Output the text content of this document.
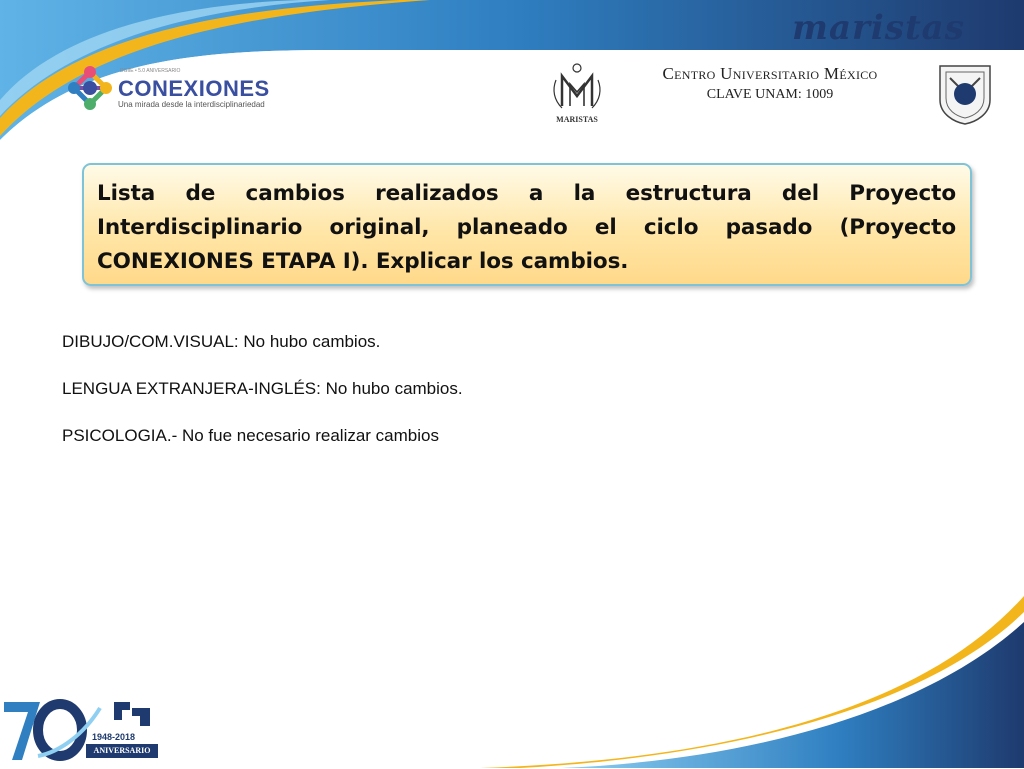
maristas
DGIIE • 5.0 ANIVERSARIO
CONEXIONES
Una mirada desde la interdisciplinariedad
MARISTAS
Centro Universitario México
CLAVE UNAM: 1009

Lista de cambios realizados a la estructura del Proyecto Interdisciplinario original, planeado el ciclo pasado (Proyecto CONEXIONES ETAPA I). Explicar los cambios.

DIBUJO/COM.VISUAL: No hubo cambios.

LENGUA EXTRANJERA-INGLÉS: No hubo cambios.

PSICOLOGIA.- No fue necesario realizar cambios

1948-2018
ANIVERSARIO
